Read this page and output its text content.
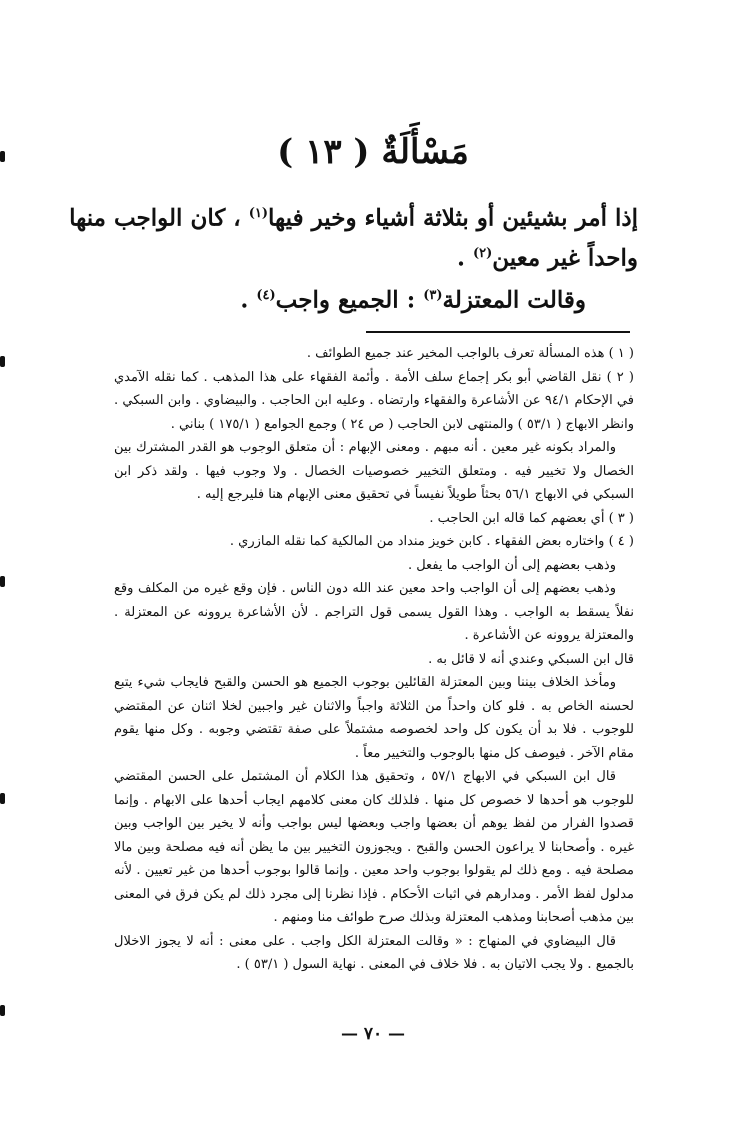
مَسْأَلَةٌ ( ١٣ )
إذا أمر بشيئين أو بثلاثة أشياء وخير فيها$^{(١)}$ ، كان الواجب منها
واحداً غير معين$^{(٢)}$ .
وقالت المعتزلة$^{(٣)}$ : الجميع واجب$^{(٤)}$ .

( ١ ) هذه المسألة تعرف بالواجب المخير عند جميع الطوائف .

( ٢ ) نقل القاضي أبو بكر إجماع سلف الأمة . وأئمة الفقهاء على هذا المذهب . كما نقله الآمدي في الإحكام ٩٤/١ عن الأشاعرة والفقهاء وارتضاه . وعليه ابن الحاجب . والبيضاوي . وابن السبكي . وانظر الابهاج ( ٥٣/١ ) والمنتهى لابن الحاجب ( ص ٢٤ ) وجمع الجوامع ( ١٧٥/١ ) بناني .

والمراد بكونه غير معين . أنه مبهم . ومعنى الإبهام : أن متعلق الوجوب هو القدر المشترك بين الخصال ولا تخيير فيه . ومتعلق التخيير خصوصيات الخصال . ولا وجوب فيها . ولقد ذكر ابن السبكي في الابهاج ٥٦/١ بحثاً طويلاً نفيساً في تحقيق معنى الإبهام هنا فليرجع إليه .

( ٣ ) أي بعضهم كما قاله ابن الحاجب .

( ٤ ) واختاره بعض الفقهاء . كابن خويز منداد من المالكية كما نقله المازري .

وذهب بعضهم إلى أن الواجب ما يفعل .

وذهب بعضهم إلى أن الواجب واحد معين عند الله دون الناس . فإن وقع غيره من المكلف وقع نفلاً يسقط به الواجب . وهذا القول يسمى قول التراجم . لأن الأشاعرة يروونه عن المعتزلة . والمعتزلة يروونه عن الأشاعرة .

قال ابن السبكي وعندي أنه لا قائل به .

ومأخذ الخلاف بيننا وبين المعتزلة القائلين بوجوب الجميع هو الحسن والقبح فايجاب شيء يتبع لحسنه الخاص به . فلو كان واحداً من الثلاثة واجباً والاثنان غير واجبين لخلا اثنان عن المقتضي للوجوب . فلا بد أن يكون كل واحد لخصوصه مشتملاً على صفة تقتضي وجوبه . وكل منها يقوم مقام الآخر . فيوصف كل منها بالوجوب والتخيير معاً .

قال ابن السبكي في الابهاج ٥٧/١ ، وتحقيق هذا الكلام أن المشتمل على الحسن المقتضي للوجوب هو أحدها لا خصوص كل منها . فلذلك كان معنى كلامهم ايجاب أحدها على الابهام . وإنما قصدوا الفرار من لفظ يوهم أن بعضها واجب وبعضها ليس بواجب وأنه لا يخير بين الواجب وبين غيره . وأصحابنا لا يراعون الحسن والقبح . ويجوزون التخيير بين ما يظن أنه فيه مصلحة وبين مالا مصلحة فيه . ومع ذلك لم يقولوا بوجوب واحد معين . وإنما قالوا بوجوب أحدها من غير تعيين . لأنه مدلول لفظ الأمر . ومدارهم في اثبات الأحكام . فإذا نظرنا إلى مجرد ذلك لم يكن فرق في المعنى بين مذهب أصحابنا ومذهب المعتزلة وبذلك صرح طوائف منا ومنهم .

قال البيضاوي في المنهاج : « وقالت المعتزلة الكل واجب . على معنى : أنه لا يجوز الاخلال بالجميع . ولا يجب الاتيان به . فلا خلاف في المعنى . نهاية السول ( ٥٣/١ ) .

— ٧٠ —
